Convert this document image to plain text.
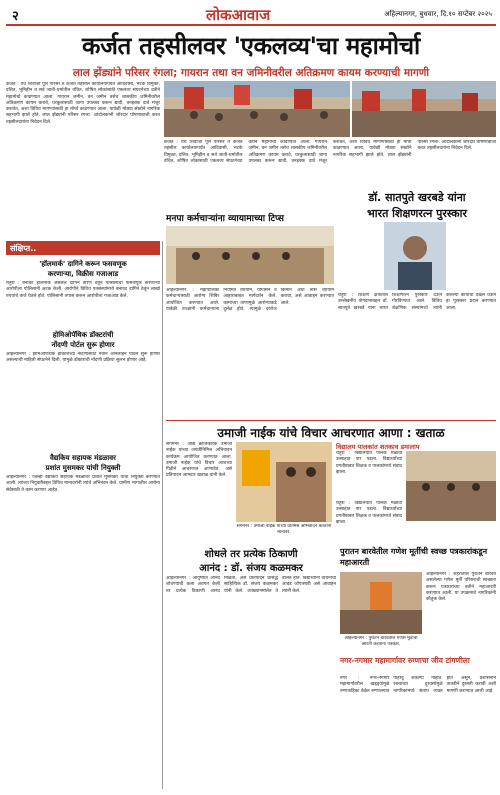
२	लोकआवाज	अहिल्यानगर, बुधवार, दि.१० सप्टेंबर २०२५
कर्जत तहसीलवर 'एकलव्य'चा महामोर्चा
लाल झेंड्यांने परिसर रंगला; गायरान तथा वन जमिनीवरील अतिक्रमण कायम करण्याची मागणी
कर्जत : येथे शिवाजी पूल परिसर ते कर्जत तहसील कार्यालयापर्यंत आदिवासी, भटके विमुक्त, दलित, भूमिहीन व सर्व जाती-धर्मातील वंचित, शोषित लोकांसाठी एकलव्य संघटनेच्या वतीने महामोर्चा काढण्यात आला. गायरान जमीन, वन जमीन तसेच शासकीय जमिनीवरील अतिक्रमण कायम करावे, घरकुलासाठी जागा उपलब्ध करून द्यावी, वनहक्क दावे मंजूर करावेत, अशा विविध मागण्यांसाठी हा मोर्चा काढण्यात आला. यावेळी मोठ्या संख्येने नागरिक सहभागी झाले होते. लाल झेंड्यांनी परिसर रंगला. आंदोलकांनी जोरदार घोषणाबाजी करत तहसीलदारांना निवेदन दिले.
कर्जत : येथे शिवाजी पूल परिसर ते कर्जत तहसील कार्यालयापर्यंत आदिवासी, भटके विमुक्त, दलित, भूमिहीन व सर्व जाती-धर्मातील वंचित, शोषित लोकांसाठी एकलव्य संघटनेच्या वतीने महामोर्चा काढण्यात आला. गायरान जमीन, वन जमीन तसेच शासकीय जमिनीवरील अतिक्रमण कायम करावे, घरकुलासाठी जागा उपलब्ध करून द्यावी, वनहक्क दावे मंजूर करावेत, अशा विविध मागण्यांसाठी हा मोर्चा काढण्यात आला. यावेळी मोठ्या संख्येने नागरिक सहभागी झाले होते. लाल झेंड्यांनी परिसर रंगला. आंदोलकांनी जोरदार घोषणाबाजी करत तहसीलदारांना निवेदन दिले.
संक्षिप्त..
'हॉलमार्क' दागिने करून फसवणूक
करणाऱ्या, विक्रीस गजाआड
राहुरी : बनावट हॉलमार्क असलेले दागिने तारण ठेवून पतसंस्थेची फसवणूक करणाऱ्या आरोपीला पोलिसांनी अटक केली. आरोपीने विविध पतसंस्थांमध्ये बनावट दागिने ठेवून लाखो रुपयांचे कर्ज घेतले होते. पोलिसांनी तपास करून आरोपीला गजाआड केले.
होमिओपॅथिक डॉक्टरांची
नोंदणी पोर्टल सुरू होणार
अहिल्यानगर : होमिओपॅथिक डॉक्टरांच्या नोंदणीसाठी नवीन ऑनलाइन पोर्टल सुरू होणार असल्याची माहिती संघटनेने दिली. यामुळे डॉक्टरांची नोंदणी प्रक्रिया सुलभ होणार आहे.
वैद्यकिय सहायक मंडळावर
प्रशांत मुसमकर यांची नियुक्ती
अहिल्यानगर : जिल्हा वैद्यकिय सहायक मंडळावर प्रशांत मुसमकर यांची नियुक्ती करण्यात आली. त्यांच्या नियुक्तीबद्दल विविध मान्यवरांनी त्यांचे अभिनंदन केले. ग्रामीण भागातील आरोग्य सेवेसाठी ते काम करणार आहेत.
मनपा कर्मचाऱ्यांना व्यायामाच्या टिप्स
अहिल्यानगर : महापालिका कर्मचाऱ्यांसाठी आरोग्य शिबिर आयोजित करण्यात आले. यावेळी तज्ज्ञांनी कर्मचाऱ्यांना नियमित व्यायाम, योगासने व आहाराबाबत मार्गदर्शन केले. कामाच्या ताणामुळे आरोग्याकडे दुर्लक्ष होते, त्यामुळे दररोज किमान अर्धा तास व्यायाम करावा, असे आवाहन करण्यात आले.
डॉ. सातपुते खरबडे यांना
भारत शिक्षणरत्न पुरस्कार
राहुरी : शिक्षण क्षेत्रातील उल्लेखनीय योगदानाबद्दल डॉ. सातपुते खरबडे यांना भारत शिक्षणरत्न पुरस्कार देऊन गौरविण्यात आले. विविध शैक्षणिक संस्थांमध्ये त्यांनी केलेल्या कार्याची दखल घेऊन हा पुरस्कार प्रदान करण्यात आला.
उमाजी नाईक यांचे विचार आचरणात आणा : खताळ
संगमनेर : आद्य क्रांतिकारक उमाजी नाईक यांच्या जयंतीनिमित्त अभिवादन कार्यक्रम आयोजित करण्यात आला. उमाजी नाईक यांचे विचार आजच्या पिढीने आचरणात आणावेत, असे प्रतिपादन आमदार खताळ यांनी केले.
संगमनेर : उमाजी नाईक यांच्या प्रतिमेस अभिवादन करताना मान्यवर.
विद्यालय पालकांत शतकाव डमालाप
राहुरी : विद्यालयात पालक मेळावा उत्साहात पार पडला. विद्यार्थ्यांच्या प्रगतीबाबत शिक्षक व पालकांमध्ये संवाद झाला.
राहुरी : विद्यालयात पालक मेळावा उत्साहात पार पडला. विद्यार्थ्यांच्या प्रगतीबाबत शिक्षक व पालकांमध्ये संवाद झाला.
शोधले तर प्रत्येक ठिकाणी
आनंद : डॉ. संजय कळमकर
अहिल्यानगर : आयुष्यात आनंद शोधण्याची कला अवगत केली तर प्रत्येक ठिकाणी आनंद मिळतो, असे प्रतिपादन प्रसिद्ध साहित्यिक डॉ. संजय कळमकर यांनी केले. व्याख्यानमालेत ते बोलत होते. विद्यार्थ्यांनी वाचनाची आवड जोपासावी असे आवाहन त्यांनी केले.
पुरातन बारवेतील गणेश मूर्तीची स्वच्छ पत्रकारांकडून महाआरती
अहिल्यानगर : शहरातील पुरातन बारवेत असलेल्या गणेश मूर्ती परिसराची स्वच्छता करून पत्रकारांच्या वतीने महाआरती करण्यात आली. या उपक्रमाचे नागरिकांनी कौतुक केले.
अहिल्यानगर : पुरातन बारवेतील गणेश मूर्तीची आरती करताना पत्रकार.
नगर-नगमार महामार्गावर रुग्णाचा जीव टांगणीला
नगर : नगर-नगमार महामार्गावरील खड्ड्यांमुळे रुग्णवाहिका वेळेत रुग्णालयात पोहोचू शकल्या नाहीत. रस्त्याच्या दुरवस्थेमुळे नागरिकांमध्ये संताप व्यक्त होत असून, प्रशासनाने तातडीने दुरुस्ती करावी अशी मागणी करण्यात आली आहे.
